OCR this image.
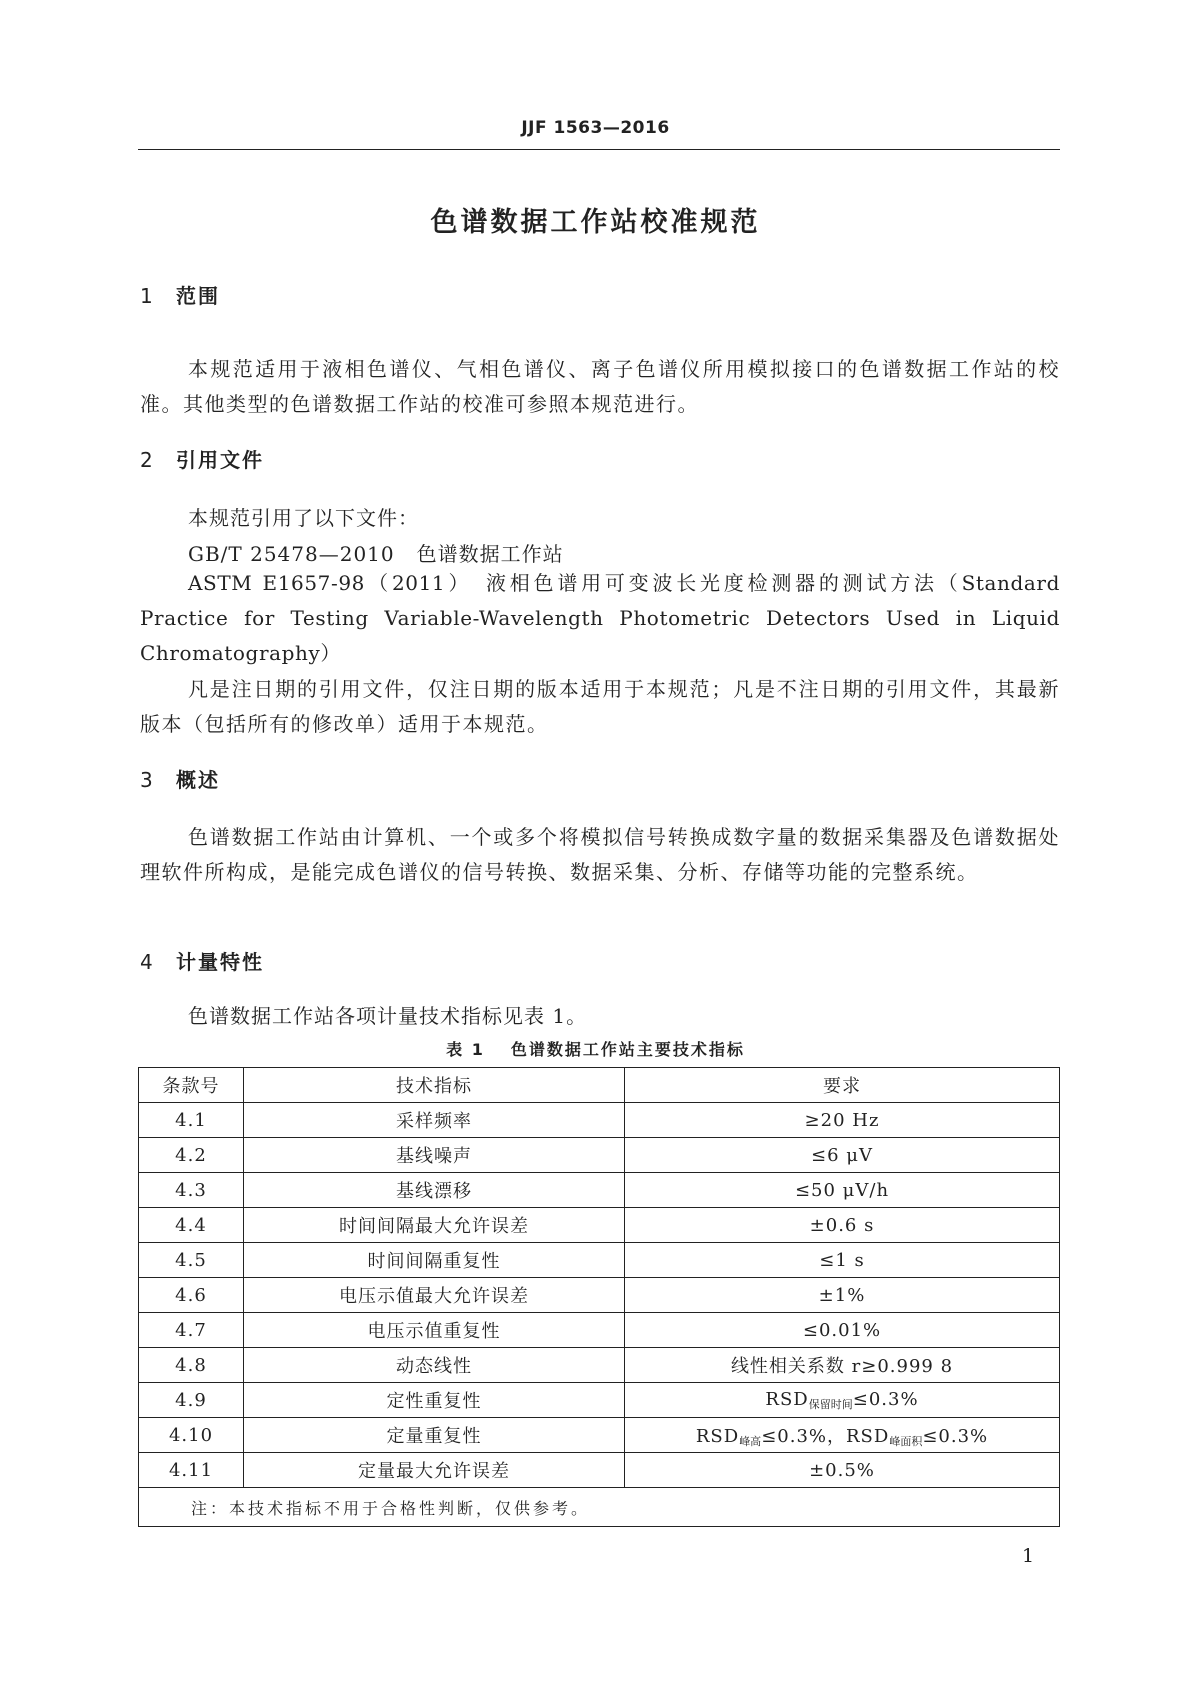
JJF 1563—2016
色谱数据工作站校准规范
1 范围
本规范适用于液相色谱仪、气相色谱仪、离子色谱仪所用模拟接口的色谱数据工作站的校准。其他类型的色谱数据工作站的校准可参照本规范进行。
2 引用文件
本规范引用了以下文件：
GB/T 25478—2010 色谱数据工作站
ASTM E1657-98（2011）　液相色谱用可变波长光度检测器的测试方法（Standard Practice for Testing Variable-Wavelength Photometric Detectors Used in Liquid Chromatography）
凡是注日期的引用文件，仅注日期的版本适用于本规范；凡是不注日期的引用文件，其最新版本（包括所有的修改单）适用于本规范。
3 概述
色谱数据工作站由计算机、一个或多个将模拟信号转换成数字量的数据采集器及色谱数据处理软件所构成，是能完成色谱仪的信号转换、数据采集、分析、存储等功能的完整系统。
4 计量特性
色谱数据工作站各项计量技术指标见表 1。
表 1 色谱数据工作站主要技术指标
条款号	技术指标	要求
4.1	采样频率	≥20 Hz
4.2	基线噪声	≤6 μV
4.3	基线漂移	≤50 μV/h
4.4	时间间隔最大允许误差	±0.6 s
4.5	时间间隔重复性	≤1 s
4.6	电压示值最大允许误差	±1%
4.7	电压示值重复性	≤0.01%
4.8	动态线性	线性相关系数 r≥0.999 8
4.9	定性重复性	$RSD_{保留时间}\le 0.3\%$
4.10	定量重复性	$RSD_{峰高}\le 0.3\%$，$RSD_{峰面积}\le 0.3\%$
4.11	定量最大允许误差	±0.5%
注：本技术指标不用于合格性判断，仅供参考。		
1
